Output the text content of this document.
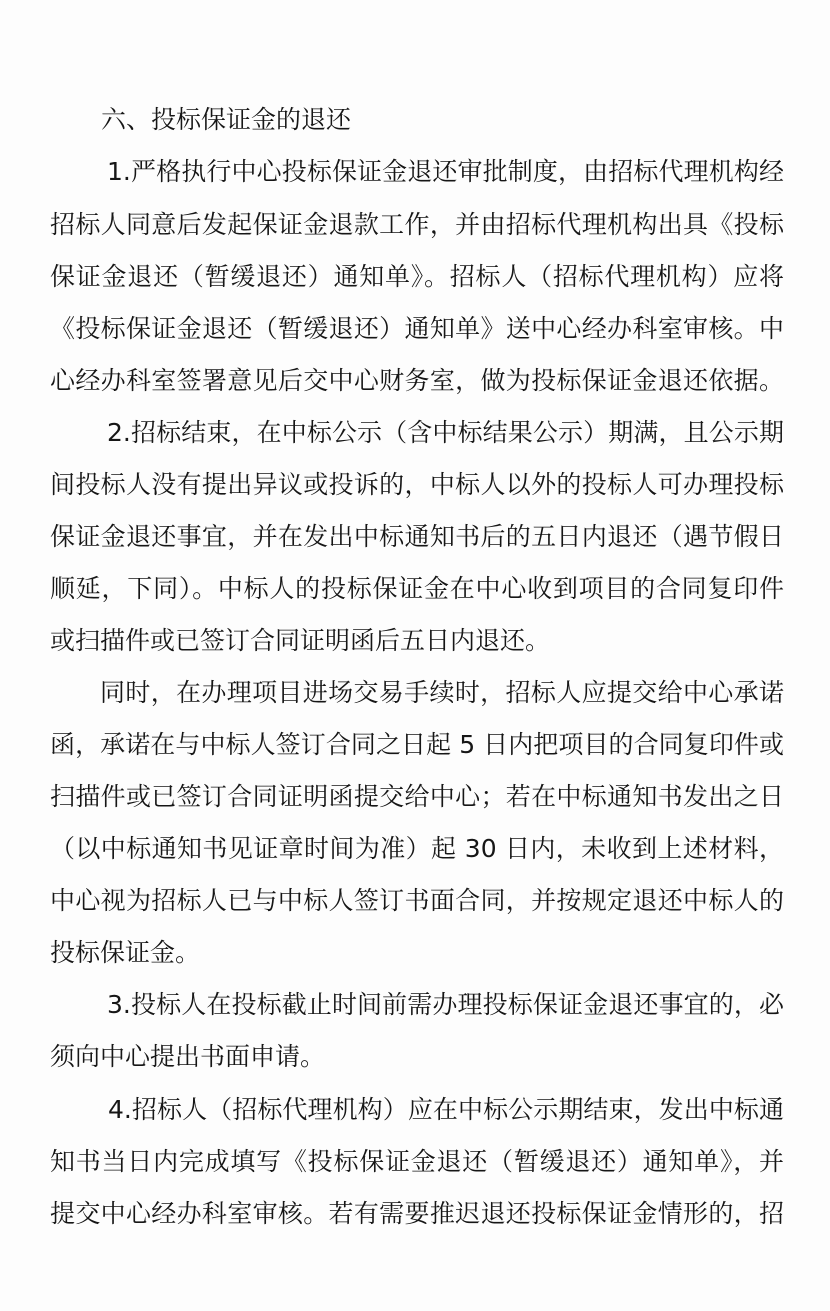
六、投标保证金的退还
1.严格执行中心投标保证金退还审批制度，由招标代理机构经
招标人同意后发起保证金退款工作，并由招标代理机构出具《投标
保证金退还（暂缓退还）通知单》。招标人（招标代理机构）应将
《投标保证金退还（暂缓退还）通知单》送中心经办科室审核。中
心经办科室签署意见后交中心财务室，做为投标保证金退还依据。
2.招标结束，在中标公示（含中标结果公示）期满，且公示期
间投标人没有提出异议或投诉的，中标人以外的投标人可办理投标
保证金退还事宜，并在发出中标通知书后的五日内退还（遇节假日
顺延，下同）。中标人的投标保证金在中心收到项目的合同复印件
或扫描件或已签订合同证明函后五日内退还。
同时，在办理项目进场交易手续时，招标人应提交给中心承诺
函，承诺在与中标人签订合同之日起 5 日内把项目的合同复印件或
扫描件或已签订合同证明函提交给中心；若在中标通知书发出之日
（以中标通知书见证章时间为准）起 30 日内，未收到上述材料，
中心视为招标人已与中标人签订书面合同，并按规定退还中标人的
投标保证金。
3.投标人在投标截止时间前需办理投标保证金退还事宜的，必
须向中心提出书面申请。
4.招标人（招标代理机构）应在中标公示期结束，发出中标通
知书当日内完成填写《投标保证金退还（暂缓退还）通知单》，并
提交中心经办科室审核。若有需要推迟退还投标保证金情形的，招
